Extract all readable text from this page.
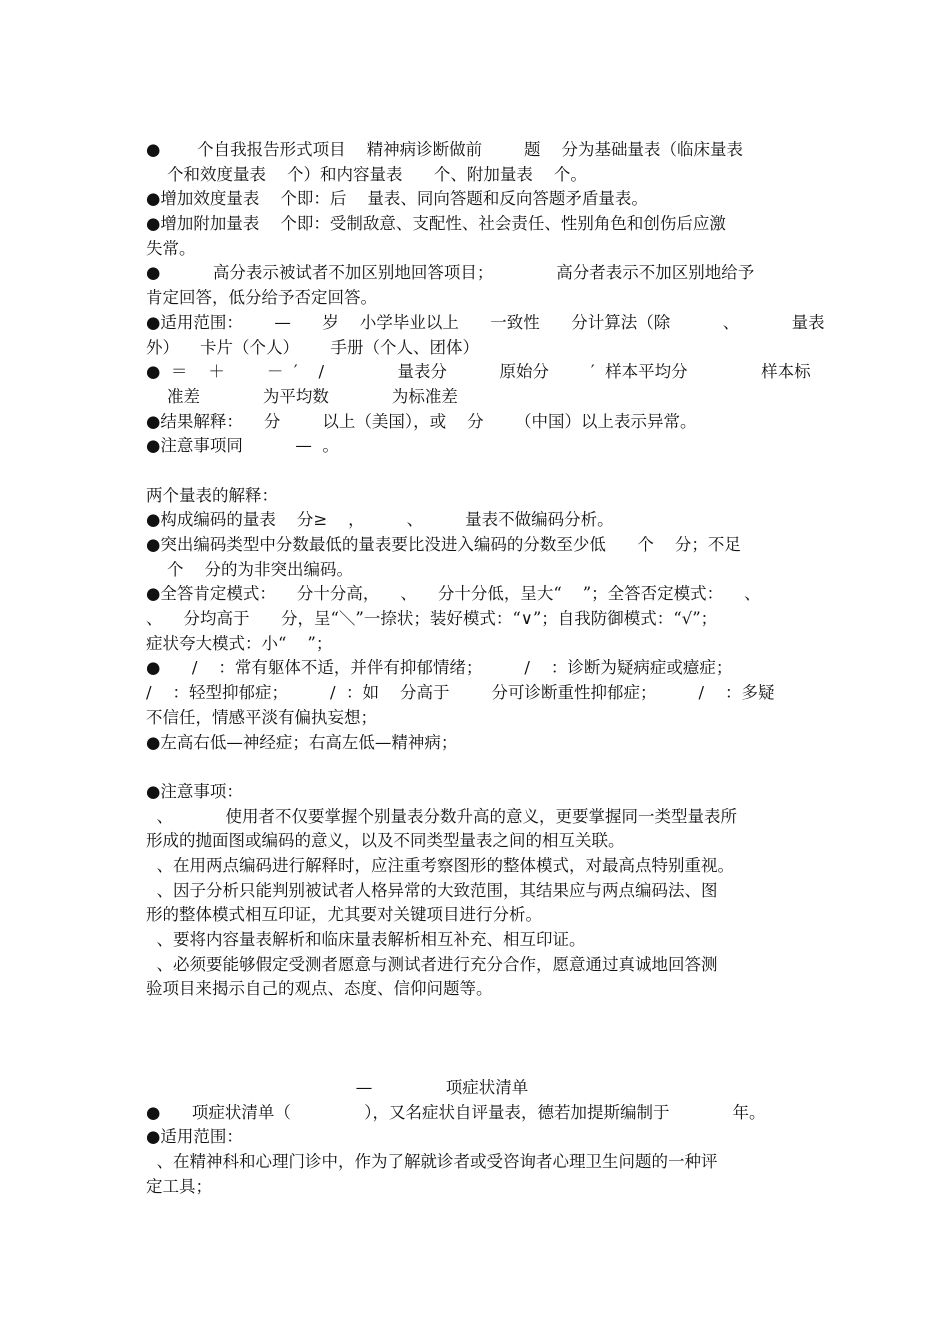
●       个自我报告形式项目    精神病诊断做前        题    分为基础量表（临床量表
个和效度量表    个）和内容量表      个、附加量表    个。
●增加效度量表    个即：后    量表、同向答题和反向答题矛盾量表。
●增加附加量表    个即：受制敌意、支配性、社会责任、性别角色和创伤后应激
失常。
●          高分表示被试者不加区别地回答项目；            高分者表示不加区别地给予
肯定回答，低分给予否定回答。
●适用范围：      —      岁    小学毕业以上      一致性      分计算法（除          、          量表
外）    卡片（个人）      手册（个人、团体）
●  ＝    ＋        －  ′    ∕              量表分          原始分        ′  样本平均分              样本标
准差            为平均数            为标准差
●结果解释：    分        以上（美国），或    分      （中国）以上表示异常。
●注意事项同          —  。
两个量表的解释：
●构成编码的量表    分≥    ，        、        量表不做编码分析。
●突出编码类型中分数最低的量表要比没进入编码的分数至少低      个    分；不足
个    分的为非突出编码。
●全答肯定模式：    分十分高，    、    分十分低，呈大“    ”；全答否定模式：    、
、    分均高于      分，呈“＼”一捺状；装好模式：“∨”；自我防御模式：“√”；
症状夸大模式：小“    ”；
●      ∕    ：常有躯体不适，并伴有抑郁情绪；        ∕    ：诊断为疑病症或癔症；
∕    ：轻型抑郁症；        ∕  ：如    分高于        分可诊断重性抑郁症；        ∕    ：多疑
不信任，情感平淡有偏执妄想；
●左高右低—神经症；右高左低—精神病；
●注意事项：
、          使用者不仅要掌握个别量表分数升高的意义，更要掌握同一类型量表所
形成的抛面图或编码的意义，以及不同类型量表之间的相互关联。
、在用两点编码进行解释时，应注重考察图形的整体模式，对最高点特别重视。
、因子分析只能判别被试者人格异常的大致范围，其结果应与两点编码法、图
形的整体模式相互印证，尤其要对关键项目进行分析。
、要将内容量表解析和临床量表解析相互补充、相互印证。
、必须要能够假定受测者愿意与测试者进行充分合作，愿意通过真诚地回答测
验项目来揭示自己的观点、态度、信仰问题等。
—              项症状清单
●      项症状清单（              ），又名症状自评量表，德若加提斯编制于            年。
●适用范围：
、在精神科和心理门诊中，作为了解就诊者或受咨询者心理卫生问题的一种评
定工具；
